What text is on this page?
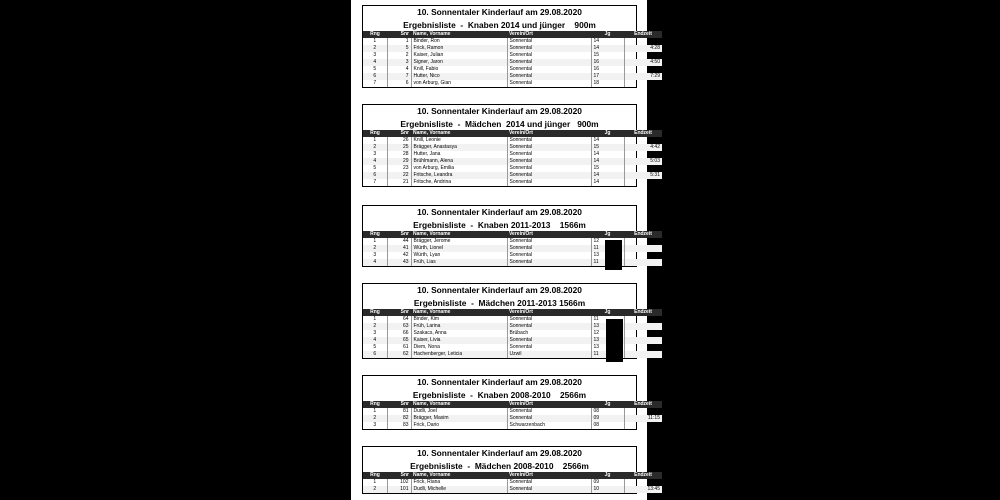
10. Sonnentaler Kinderlauf am 29.08.2020
Ergebnisliste  -  Knaben 2014 und jünger    900m
Rng	Snr	Name, Vorname	Verein/Ort	Jg	Endzeit
1	1	Binder, Ron	Sonnental	14	3:32
2	5	Frick, Ramon	Sonnental	14	4:28
3	2	Kaiser, Julian	Sonnental	15	4:45
4	3	Signer, Jaron	Sonnental	16	4:50
5	4	Knill, Fabio	Sonnental	16	6:00
6	7	Hutter, Nico	Sonnental	17	7:29
7	6	von Arburg, Gian	Sonnental	18	7:48
10. Sonnentaler Kinderlauf am 29.08.2020
Ergebnisliste  -  Mädchen  2014 und jünger   900m
Rng	Snr	Name, Vorname	Verein/Ort	Jg	Endzeit
1	26	Knill, Leonie	Sonnental	14	4:35
2	25	Brägger, Anastasya	Sonnental	15	4:42
3	28	Hutter, Jana	Sonnental	14	4:59
4	29	Brühlmann, Alena	Sonnental	14	5:03
5	23	von Arburg, Emilia	Sonnental	15	5:08
6	22	Fritsche, Leandra	Sonnental	14	5:31
7	21	Fritsche, Andrina	Sonnental	14	6:02
10. Sonnentaler Kinderlauf am 29.08.2020
Ergebnisliste  -  Knaben 2011-2013    1566m
Rng	Snr	Name, Vorname	Verein/Ort	Jg	Endzeit
1	44	Brägger, Jerome	Sonnental	12	
2	41	Würth, Lionel	Sonnental	11	
3	42	Würth, Lyan	Sonnental	13	
4	43	Früh, Lias	Sonnental	11	
10. Sonnentaler Kinderlauf am 29.08.2020
Ergebnisliste  -  Mädchen 2011-2013 1566m
Rng	Snr	Name, Vorname	Verein/Ort	Jg	Endzeit
1	64	Binder, Kim	Sonnental	11	
2	63	Früh, Larina	Sonnental	13	
3	66	Szakacs, Anna	Brübach	12	
4	65	Kaiser, Livia	Sonnental	13	
5	61	Diem, Nona	Sonnental	13	
6	62	Hachenberger, Leticia	Uzwil	11	
10. Sonnentaler Kinderlauf am 29.08.2020
Ergebnisliste  -  Knaben 2008-2010    2566m
Rng	Snr	Name, Vorname	Verein/Ort	Jg	Endzeit
1	81	Dudli, Joel	Sonnental	08	11:09
2	82	Brägger, Maxim	Sonnental	09	11:15
3	83	Frick, Dario	Schwarzenbach	08	11:28
10. Sonnentaler Kinderlauf am 29.08.2020
Ergebnisliste  -  Mädchen 2008-2010    2566m
Rng	Snr	Name, Vorname	Verein/Ort	Jg	Endzeit
1	102	Frick, Riana	Sonnental	09	11:33
2	101	Dudli, Michelle	Sonnental	10	13:45
